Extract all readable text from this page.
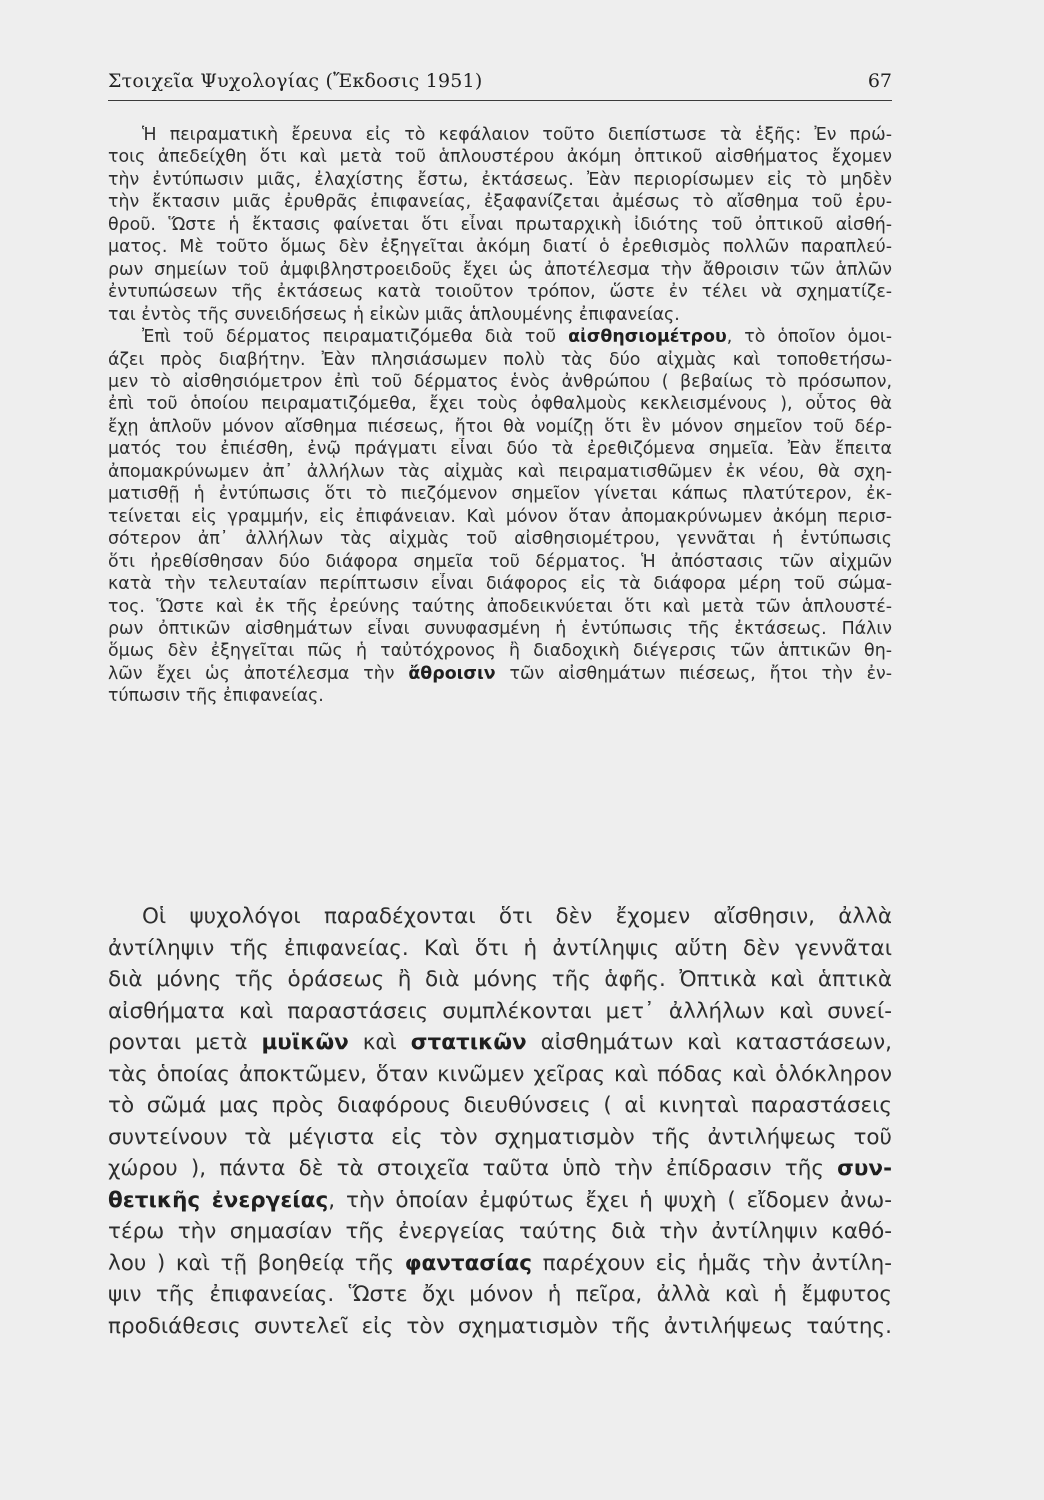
Στοιχεῖα Ψυχολογίας (Ἔκδοσις 1951)	67
Ἡ πειραματικὴ ἔρευνα εἰς τὸ κεφάλαιον τοῦτο διεπίστωσε τὰ ἑξῆς: Ἐν πρώ-
τοις ἀπεδείχθη ὅτι καὶ μετὰ τοῦ ἁπλουστέρου ἀκόμη ὀπτικοῦ αἰσθήματος ἔχομεν
τὴν ἐντύπωσιν μιᾶς, ἐλαχίστης ἔστω, ἐκτάσεως. Ἐὰν περιορίσωμεν εἰς τὸ μηδὲν
τὴν ἔκτασιν μιᾶς ἐρυθρᾶς ἐπιφανείας, ἐξαφανίζεται ἀμέσως τὸ αἴσθημα τοῦ ἐρυ-
θροῦ. Ὥστε ἡ ἔκτασις φαίνεται ὅτι εἶναι πρωταρχικὴ ἰδιότης τοῦ ὀπτικοῦ αἰσθή-
ματος. Μὲ τοῦτο ὅμως δὲν ἐξηγεῖται ἀκόμη διατί ὁ ἐρεθισμὸς πολλῶν παραπλεύ-
ρων σημείων τοῦ ἀμφιβληστροειδοῦς ἔχει ὡς ἀποτέλεσμα τὴν ἄθροισιν τῶν ἁπλῶν
ἐντυπώσεων τῆς ἐκτάσεως κατὰ τοιοῦτον τρόπον, ὥστε ἐν τέλει νὰ σχηματίζε-
ται ἐντὸς τῆς συνειδήσεως ἡ εἰκὼν μιᾶς ἁπλουμένης ἐπιφανείας.
Ἐπὶ τοῦ δέρματος πειραματιζόμεθα διὰ τοῦ αἰσθησιομέτρου, τὸ ὁποῖον ὁμοι-
άζει πρὸς διαβήτην. Ἐὰν πλησιάσωμεν πολὺ τὰς δύο αἰχμὰς καὶ τοποθετήσω-
μεν τὸ αἰσθησιόμετρον ἐπὶ τοῦ δέρματος ἑνὸς ἀνθρώπου ( βεβαίως τὸ πρόσωπον,
ἐπὶ τοῦ ὁποίου πειραματιζόμεθα, ἔχει τοὺς ὀφθαλμοὺς κεκλεισμένους ), οὗτος θὰ
ἔχῃ ἁπλοῦν μόνον αἴσθημα πιέσεως, ἤτοι θὰ νομίζῃ ὅτι ἓν μόνον σημεῖον τοῦ δέρ-
ματός του ἐπιέσθη, ἐνῷ πράγματι εἶναι δύο τὰ ἐρεθιζόμενα σημεῖα. Ἐὰν ἔπειτα
ἀπομακρύνωμεν ἀπ᾽ ἀλλήλων τὰς αἰχμὰς καὶ πειραματισθῶμεν ἐκ νέου, θὰ σχη-
ματισθῇ ἡ ἐντύπωσις ὅτι τὸ πιεζόμενον σημεῖον γίνεται κάπως πλατύτερον, ἐκ-
τείνεται εἰς γραμμήν, εἰς ἐπιφάνειαν. Καὶ μόνον ὅταν ἀπομακρύνωμεν ἀκόμη περισ-
σότερον ἀπ᾽ ἀλλήλων τὰς αἰχμὰς τοῦ αἰσθησιομέτρου, γεννᾶται ἡ ἐντύπωσις
ὅτι ἠρεθίσθησαν δύο διάφορα σημεῖα τοῦ δέρματος. Ἡ ἀπόστασις τῶν αἰχμῶν
κατὰ τὴν τελευταίαν περίπτωσιν εἶναι διάφορος εἰς τὰ διάφορα μέρη τοῦ σώμα-
τος. Ὥστε καὶ ἐκ τῆς ἐρεύνης ταύτης ἀποδεικνύεται ὅτι καὶ μετὰ τῶν ἁπλουστέ-
ρων ὀπτικῶν αἰσθημάτων εἶναι συνυφασμένη ἡ ἐντύπωσις τῆς ἐκτάσεως. Πάλιν
ὅμως δὲν ἐξηγεῖται πῶς ἡ ταὐτόχρονος ἢ διαδοχικὴ διέγερσις τῶν ἁπτικῶν θη-
λῶν ἔχει ὡς ἀποτέλεσμα τὴν ἄθροισιν τῶν αἰσθημάτων πιέσεως, ἤτοι τὴν ἐν-
τύπωσιν τῆς ἐπιφανείας.
Οἱ ψυχολόγοι παραδέχονται ὅτι δὲν ἔχομεν αἴσθησιν, ἀλλὰ
ἀντίληψιν τῆς ἐπιφανείας. Καὶ ὅτι ἡ ἀντίληψις αὕτη δὲν γεννᾶται
διὰ μόνης τῆς ὁράσεως ἢ διὰ μόνης τῆς ἁφῆς. Ὀπτικὰ καὶ ἁπτικὰ
αἰσθήματα καὶ παραστάσεις συμπλέκονται μετ᾽ ἀλλήλων καὶ συνεί-
ρονται μετὰ μυϊκῶν καὶ στατικῶν αἰσθημάτων καὶ καταστάσεων,
τὰς ὁποίας ἀποκτῶμεν, ὅταν κινῶμεν χεῖρας καὶ πόδας καὶ ὁλόκληρον
τὸ σῶμά μας πρὸς διαφόρους διευθύνσεις ( αἱ κινηταὶ παραστάσεις
συντείνουν τὰ μέγιστα εἰς τὸν σχηματισμὸν τῆς ἀντιλήψεως τοῦ
χώρου ), πάντα δὲ τὰ στοιχεῖα ταῦτα ὑπὸ τὴν ἐπίδρασιν τῆς συν-
θετικῆς ἐνεργείας, τὴν ὁποίαν ἐμφύτως ἔχει ἡ ψυχὴ ( εἴδομεν ἀνω-
τέρω τὴν σημασίαν τῆς ἐνεργείας ταύτης διὰ τὴν ἀντίληψιν καθό-
λου ) καὶ τῇ βοηθείᾳ τῆς φαντασίας παρέχουν εἰς ἡμᾶς τὴν ἀντίλη-
ψιν τῆς ἐπιφανείας. Ὥστε ὄχι μόνον ἡ πεῖρα, ἀλλὰ καὶ ἡ ἔμφυτος
προδιάθεσις συντελεῖ εἰς τὸν σχηματισμὸν τῆς ἀντιλήψεως ταύτης.
